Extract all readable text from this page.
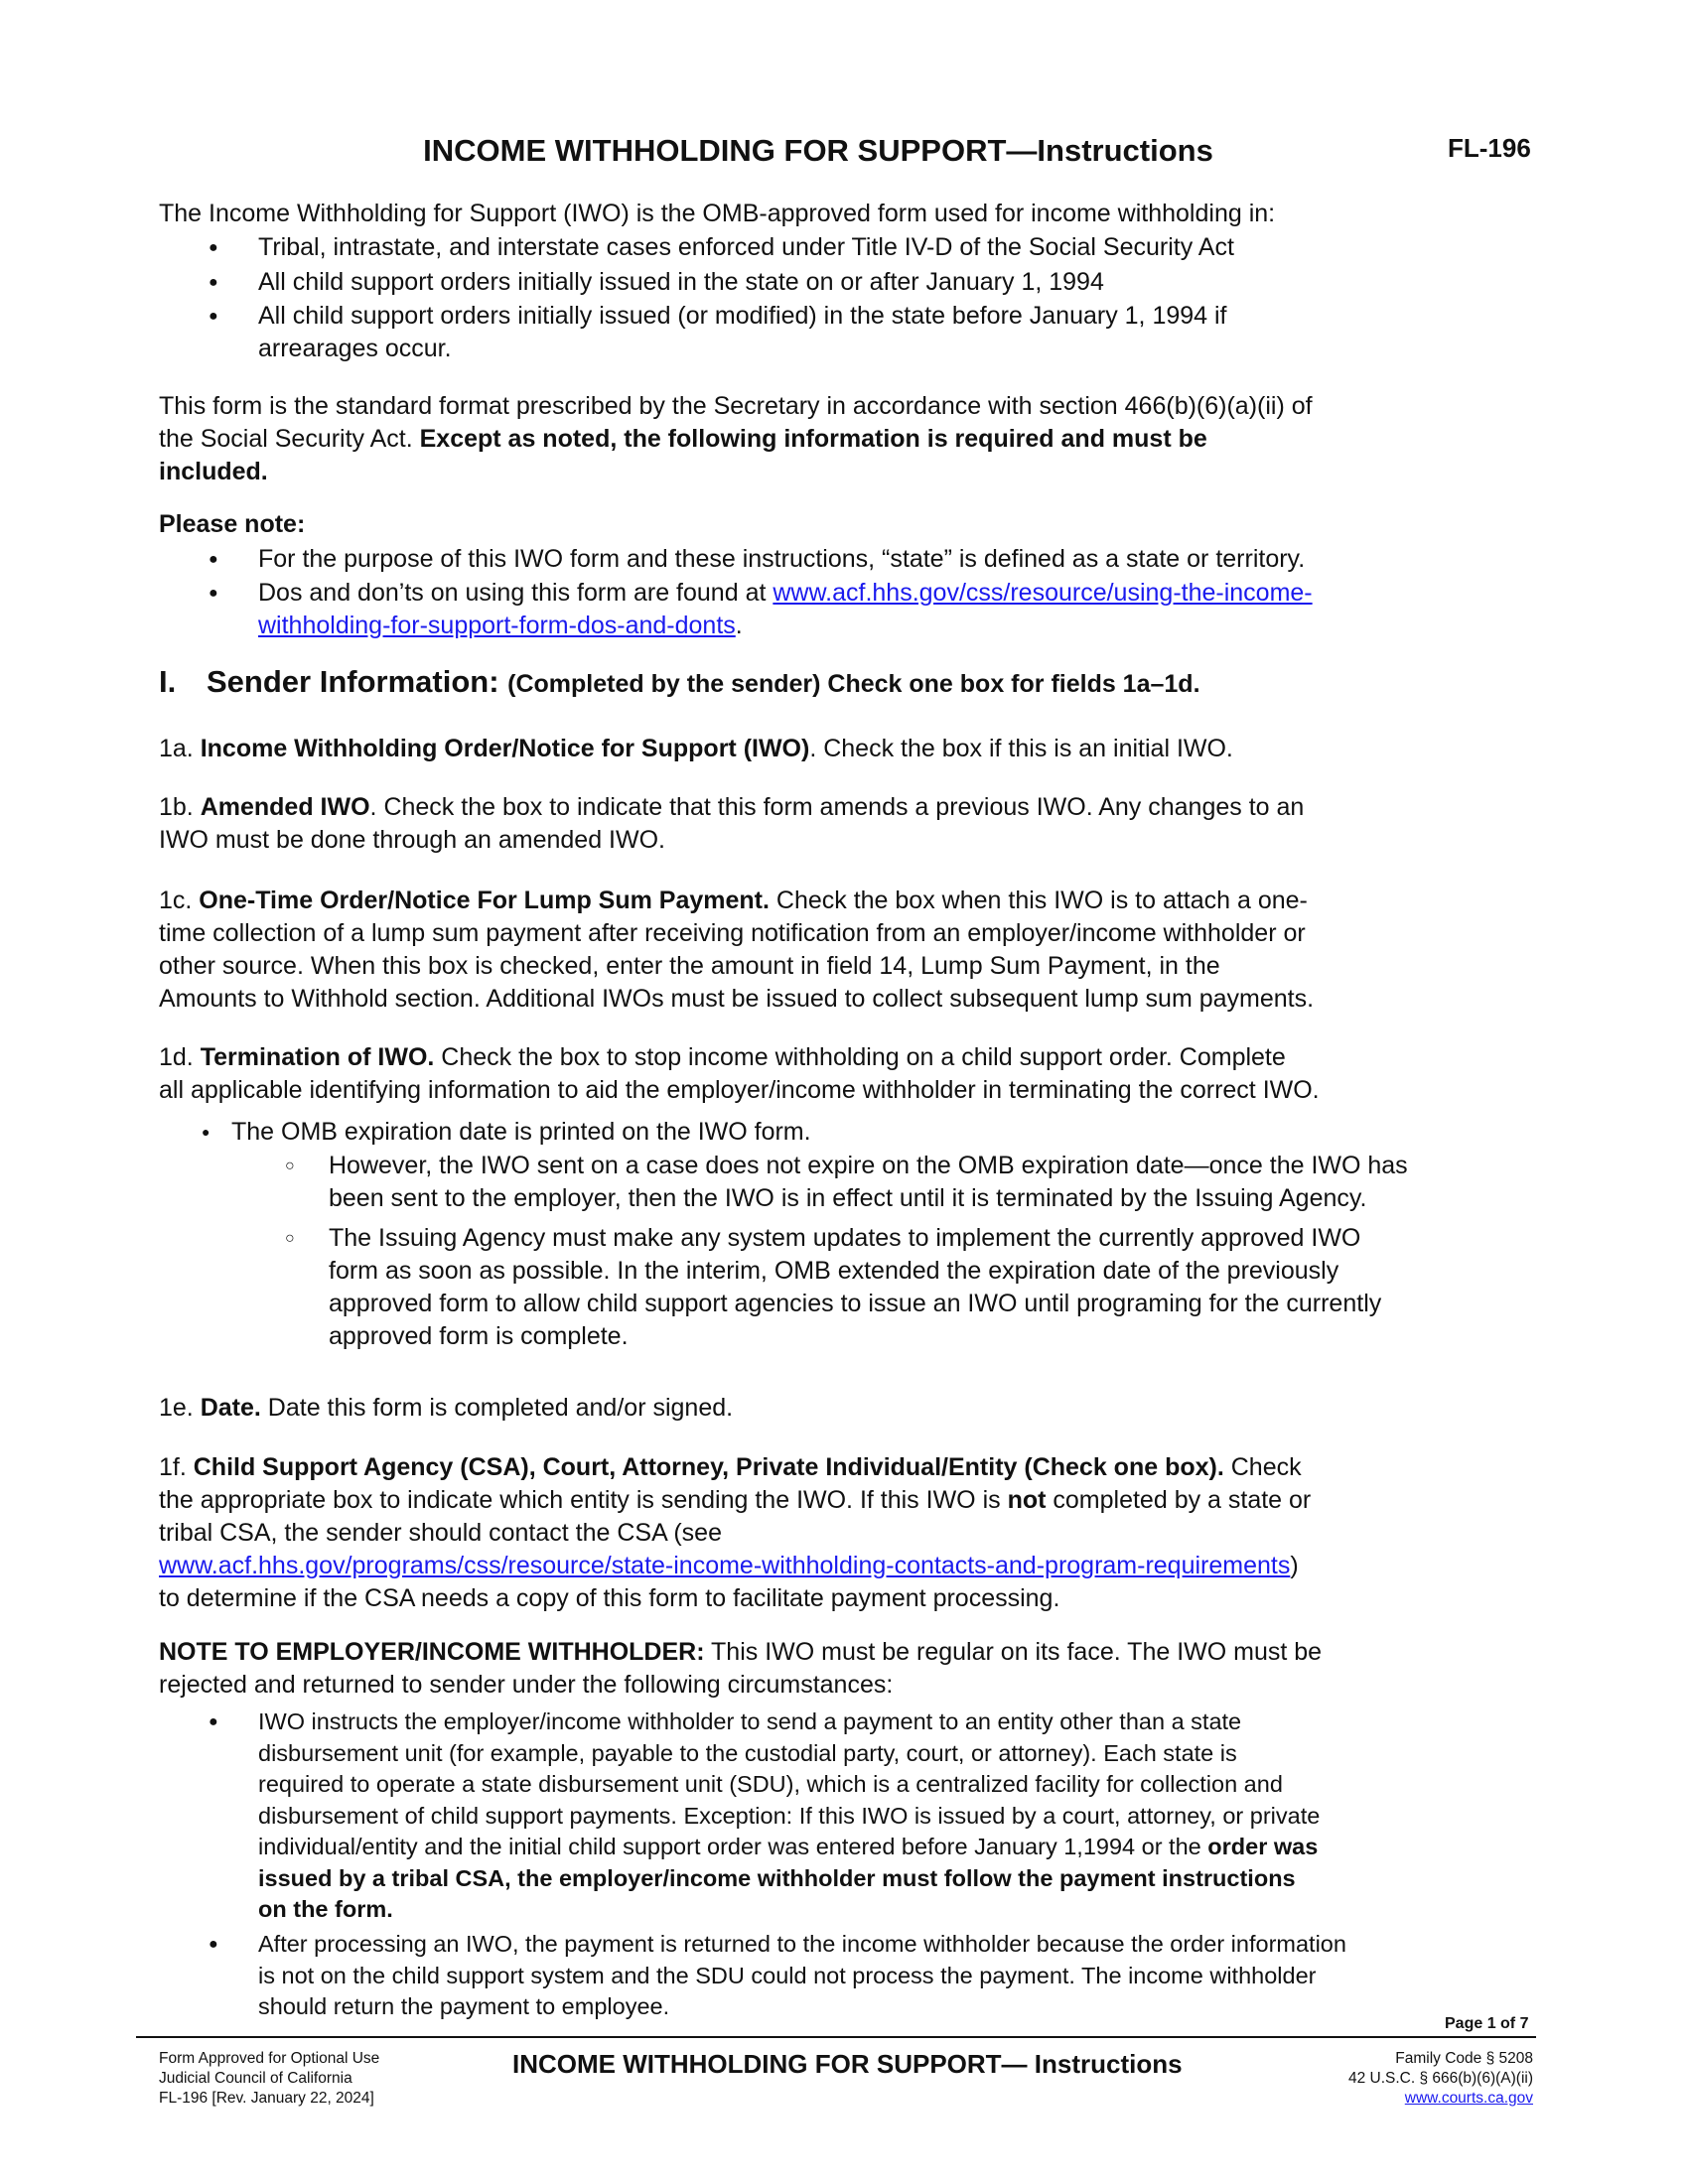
INCOME WITHHOLDING FOR SUPPORT—Instructions	FL-196
The Income Withholding for Support (IWO) is the OMB-approved form used for income withholding in:
● Tribal, intrastate, and interstate cases enforced under Title IV-D of the Social Security Act
● All child support orders initially issued in the state on or after January 1, 1994
● All child support orders initially issued (or modified) in the state before January 1, 1994 if
arrearages occur.
This form is the standard format prescribed by the Secretary in accordance with section 466(b)(6)(a)(ii) of
the Social Security Act. Except as noted, the following information is required and must be
included.
Please note:
● For the purpose of this IWO form and these instructions, “state” is defined as a state or territory.
● Dos and don’ts on using this form are found at www.acf.hhs.gov/css/resource/using-the-income-
withholding-for-support-form-dos-and-donts.
I. Sender Information: (Completed by the sender) Check one box for fields 1a–1d.
1a. Income Withholding Order/Notice for Support (IWO). Check the box if this is an initial IWO.
1b. Amended IWO. Check the box to indicate that this form amends a previous IWO. Any changes to an
IWO must be done through an amended IWO.
1c. One-Time Order/Notice For Lump Sum Payment. Check the box when this IWO is to attach a one-
time collection of a lump sum payment after receiving notification from an employer/income withholder or
other source. When this box is checked, enter the amount in field 14, Lump Sum Payment, in the
Amounts to Withhold section. Additional IWOs must be issued to collect subsequent lump sum payments.
1d. Termination of IWO. Check the box to stop income withholding on a child support order. Complete
all applicable identifying information to aid the employer/income withholder in terminating the correct IWO.
● The OMB expiration date is printed on the IWO form.
○ However, the IWO sent on a case does not expire on the OMB expiration date—once the IWO has
been sent to the employer, then the IWO is in effect until it is terminated by the Issuing Agency.
○ The Issuing Agency must make any system updates to implement the currently approved IWO
form as soon as possible. In the interim, OMB extended the expiration date of the previously
approved form to allow child support agencies to issue an IWO until programing for the currently
approved form is complete.
1e. Date. Date this form is completed and/or signed.
1f. Child Support Agency (CSA), Court, Attorney, Private Individual/Entity (Check one box). Check
the appropriate box to indicate which entity is sending the IWO. If this IWO is not completed by a state or
tribal CSA, the sender should contact the CSA (see
www.acf.hhs.gov/programs/css/resource/state-income-withholding-contacts-and-program-requirements)
to determine if the CSA needs a copy of this form to facilitate payment processing.
NOTE TO EMPLOYER/INCOME WITHHOLDER: This IWO must be regular on its face. The IWO must be
rejected and returned to sender under the following circumstances:
● IWO instructs the employer/income withholder to send a payment to an entity other than a state
disbursement unit (for example, payable to the custodial party, court, or attorney). Each state is
required to operate a state disbursement unit (SDU), which is a centralized facility for collection and
disbursement of child support payments. Exception: If this IWO is issued by a court, attorney, or private
individual/entity and the initial child support order was entered before January 1,1994 or the order was
issued by a tribal CSA, the employer/income withholder must follow the payment instructions
on the form.
● After processing an IWO, the payment is returned to the income withholder because the order information
is not on the child support system and the SDU could not process the payment. The income withholder
should return the payment to employee.
Page 1 of 7
Form Approved for Optional Use
Judicial Council of California
FL-196 [Rev. January 22, 2024]
INCOME WITHHOLDING FOR SUPPORT— Instructions	Family Code § 5208
42 U.S.C. § 666(b)(6)(A)(ii)
www.courts.ca.gov
